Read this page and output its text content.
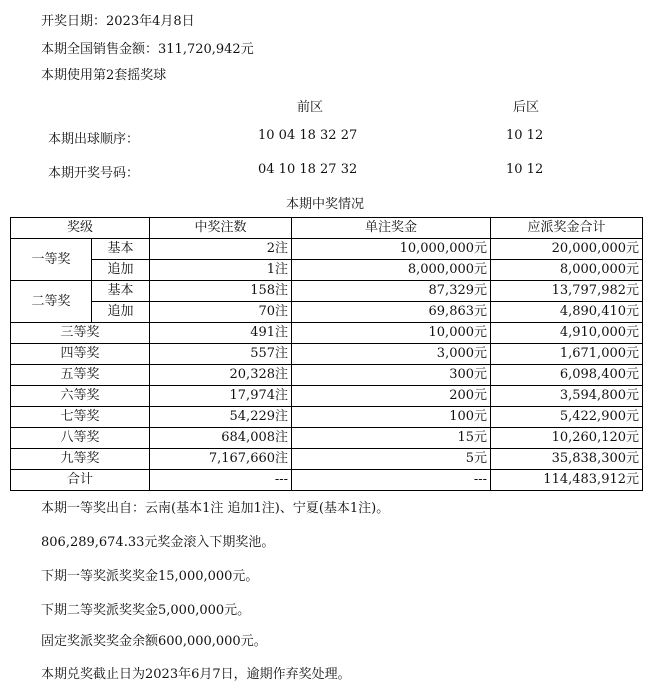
开奖日期：2023年4月8日
本期全国销售金额：311,720,942元
本期使用第2套摇奖球
前区	后区
本期出球顺序：	10 04 18 32 27	10 12
本期开奖号码：	04 10 18 27 32	10 12
本期中奖情况
奖级		中奖注数	单注奖金	应派奖金合计
一等奖	基本	2注	10,000,000元	20,000,000元
	追加	1注	8,000,000元	8,000,000元
二等奖	基本	158注	87,329元	13,797,982元
	追加	70注	69,863元	4,890,410元
三等奖		491注	10,000元	4,910,000元
四等奖		557注	3,000元	1,671,000元
五等奖		20,328注	300元	6,098,400元
六等奖		17,974注	200元	3,594,800元
七等奖		54,229注	100元	5,422,900元
八等奖		684,008注	15元	10,260,120元
九等奖		7,167,660注	5元	35,838,300元
合计		---	---	114,483,912元
本期一等奖出自：云南(基本1注 追加1注)、宁夏(基本1注)。
806,289,674.33元奖金滚入下期奖池。
下期一等奖派奖奖金15,000,000元。
下期二等奖派奖奖金5,000,000元。
固定奖派奖奖金余额600,000,000元。
本期兑奖截止日为2023年6月7日，逾期作弃奖处理。
